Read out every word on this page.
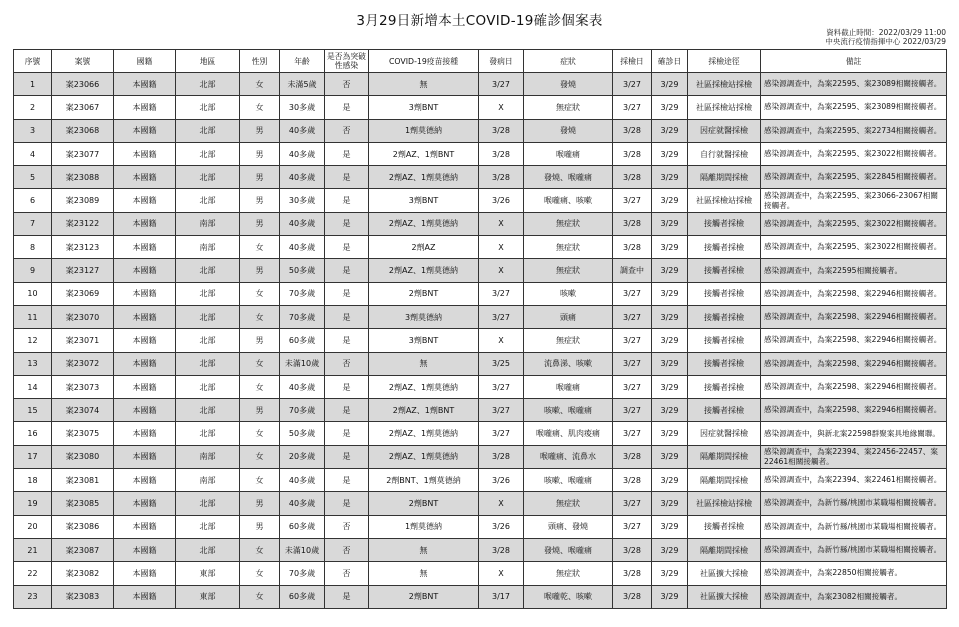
3月29日新增本土COVID-19確診個案表
資料截止時間：2022/03/29 11:00
中央流行疫情指揮中心 2022/03/29
序號	案號	國籍	地區	性別	年齡	是否為突破性感染	COVID-19疫苗接種	發病日	症狀	採檢日	確診日	採檢途徑	備註
1	案23066	本國籍	北部	女	未滿5歲	否	無	3/27	發燒	3/27	3/29	社區採檢站採檢	感染源調查中，為案22595、案23089相關接觸者。
2	案23067	本國籍	北部	女	30多歲	是	3劑BNT	X	無症狀	3/27	3/29	社區採檢站採檢	感染源調查中，為案22595、案23089相關接觸者。
3	案23068	本國籍	北部	男	40多歲	否	1劑莫德納	3/28	發燒	3/28	3/29	因症就醫採檢	感染源調查中，為案22595、案22734相關接觸者。
4	案23077	本國籍	北部	男	40多歲	是	2劑AZ、1劑BNT	3/28	喉嚨痛	3/28	3/29	自行就醫採檢	感染源調查中，為案22595、案23022相關接觸者。
5	案23088	本國籍	北部	男	40多歲	是	2劑AZ、1劑莫德納	3/28	發燒、喉嚨痛	3/28	3/29	隔離期間採檢	感染源調查中，為案22595、案22845相關接觸者。
6	案23089	本國籍	北部	男	30多歲	是	3劑BNT	3/26	喉嚨痛、咳嗽	3/27	3/29	社區採檢站採檢	感染源調查中，為案22595、案23066-23067相關接觸者。
7	案23122	本國籍	南部	男	40多歲	是	2劑AZ、1劑莫德納	X	無症狀	3/28	3/29	接觸者採檢	感染源調查中，為案22595、案23022相關接觸者。
8	案23123	本國籍	南部	女	40多歲	是	2劑AZ	X	無症狀	3/28	3/29	接觸者採檢	感染源調查中，為案22595、案23022相關接觸者。
9	案23127	本國籍	北部	男	50多歲	是	2劑AZ、1劑莫德納	X	無症狀	調查中	3/29	接觸者採檢	感染源調查中，為案22595相關接觸者。
10	案23069	本國籍	北部	女	70多歲	是	2劑BNT	3/27	咳嗽	3/27	3/29	接觸者採檢	感染源調查中，為案22598、案22946相關接觸者。
11	案23070	本國籍	北部	女	70多歲	是	3劑莫德納	3/27	頭痛	3/27	3/29	接觸者採檢	感染源調查中，為案22598、案22946相關接觸者。
12	案23071	本國籍	北部	男	60多歲	是	3劑BNT	X	無症狀	3/27	3/29	接觸者採檢	感染源調查中，為案22598、案22946相關接觸者。
13	案23072	本國籍	北部	女	未滿10歲	否	無	3/25	流鼻涕、咳嗽	3/27	3/29	接觸者採檢	感染源調查中，為案22598、案22946相關接觸者。
14	案23073	本國籍	北部	女	40多歲	是	2劑AZ、1劑莫德納	3/27	喉嚨痛	3/27	3/29	接觸者採檢	感染源調查中，為案22598、案22946相關接觸者。
15	案23074	本國籍	北部	男	70多歲	是	2劑AZ、1劑BNT	3/27	咳嗽、喉嚨痛	3/27	3/29	接觸者採檢	感染源調查中，為案22598、案22946相關接觸者。
16	案23075	本國籍	北部	女	50多歲	是	2劑AZ、1劑莫德納	3/27	喉嚨痛、肌肉痠痛	3/27	3/29	因症就醫採檢	感染源調查中，與新北案22598群聚案具地緣關聯。
17	案23080	本國籍	南部	女	20多歲	是	2劑AZ、1劑莫德納	3/28	喉嚨痛、流鼻水	3/28	3/29	隔離期間採檢	感染源調查中，為案22394、案22456-22457、案22461相關接觸者。
18	案23081	本國籍	南部	女	40多歲	是	2劑BNT、1劑莫德納	3/26	咳嗽、喉嚨痛	3/28	3/29	隔離期間採檢	感染源調查中，為案22394、案22461相關接觸者。
19	案23085	本國籍	北部	男	40多歲	是	2劑BNT	X	無症狀	3/27	3/29	社區採檢站採檢	感染源調查中，為新竹縣/桃園市某職場相關接觸者。
20	案23086	本國籍	北部	男	60多歲	否	1劑莫德納	3/26	頭痛、發燒	3/27	3/29	接觸者採檢	感染源調查中，為新竹縣/桃園市某職場相關接觸者。
21	案23087	本國籍	北部	女	未滿10歲	否	無	3/28	發燒、喉嚨痛	3/28	3/29	隔離期間採檢	感染源調查中，為新竹縣/桃園市某職場相關接觸者。
22	案23082	本國籍	東部	女	70多歲	否	無	X	無症狀	3/28	3/29	社區擴大採檢	感染源調查中，為案22850相關接觸者。
23	案23083	本國籍	東部	女	60多歲	是	2劑BNT	3/17	喉嚨乾、咳嗽	3/28	3/29	社區擴大採檢	感染源調查中，為案23082相關接觸者。
